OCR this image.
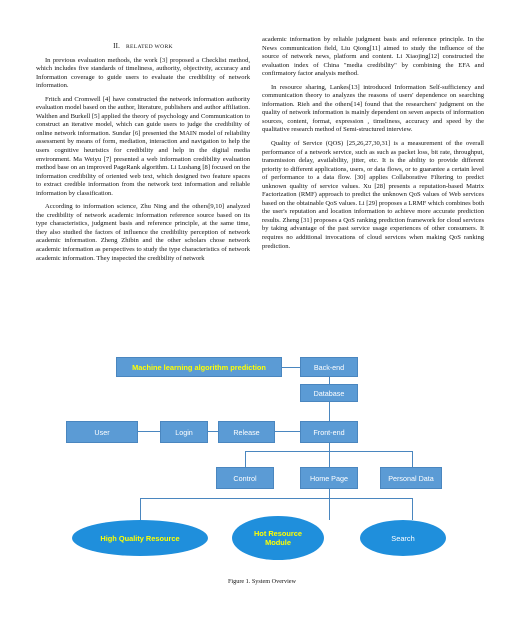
II. RELATED WORK

In previous evaluation methods, the work [3] proposed a Checklist method, which includes five standards of timeliness, authority, objectivity, accuracy and Information coverage to guide users to evaluate the credibility of network information.

Fritch and Cromwell [4] have constructed the network information authority evaluation model based on the author, literature, publishers and author affiliation. Walthen and Burkell [5] applied the theory of psychology and Communication to construct an iterative model, which can guide users to judge the credibility of online network information. Sundar [6] presented the MAIN model of reliability assessment by means of form, mediation, interaction and navigation to help the users cognitive heuristics for credibility and help in the digital media environment. Ma Weiyu [7] presented a web information credibility evaluation method base on an improved PageRank algorithm. Li Lushang [8] focused on the information credibility of oriented web text, which designed two feature spaces to extract credible information from the network text information and reliable information by classification.

According to information science, Zhu Ning and the others[9,10] analyzed the credibility of network academic information reference source based on its type characteristics, judgment basis and reference principle, at the same time, they also studied the factors of influence the credibility perception of network academic information. Zheng Zhibin and the other scholars chose network academic information as perspectives to study the type characteristics of network academic information. They inspected the credibility of network

academic information by reliable judgment basis and reference principle. In the News communication field, Liu Qiong[11] aimed to study the influence of the source of network news, platform and content. Li Xiaojing[12] constructed the evaluation index of China "media credibility" by combining the EFA and confirmatory factor analysis method.

In resource sharing, Lankes[13] introduced Information Self-sufficiency and communication theory to analyzes the reasons of users' dependence on searching information. Rieh and the others[14] found that the researchers' judgment on the quality of network information is mainly dependent on seven aspects of information sources, content, format, expression , timeliness, accuracy and speed by the qualitative research method of Semi-structured interview.

Quality of Service (QOS) [25,26,27,30,31] is a measurement of the overall performance of a network service, such as such as packet loss, bit rate, throughput, transmission delay, availability, jitter, etc. It is the ability to provide different priority to different applications, users, or data flows, or to guarantee a certain level of performance to a data flow. [30] applies Collaborative Filtering to predict unknown quality of service values. Xu [28] presents a reputation-based Matrix Factorization (RMF) approach to predict the unknown QoS values of Web services based on the obtainable QoS values. Li [29] proposes a LRMF which combines both the user's reputation and location information to achieve more accurate prediction results. Zheng [31] proposes a QoS ranking prediction framework for cloud services by taking advantage of the past service usage experiences of other consumers. It requires no additional invocations of cloud services when making QoS ranking prediction.

Machine learning algorithm prediction	Back-end
Database
User	Login	Release	Front-end
Control	Home Page	Personal Data
High Quality Resource	Hot Resource Module	Search
Figure 1. System Overview
